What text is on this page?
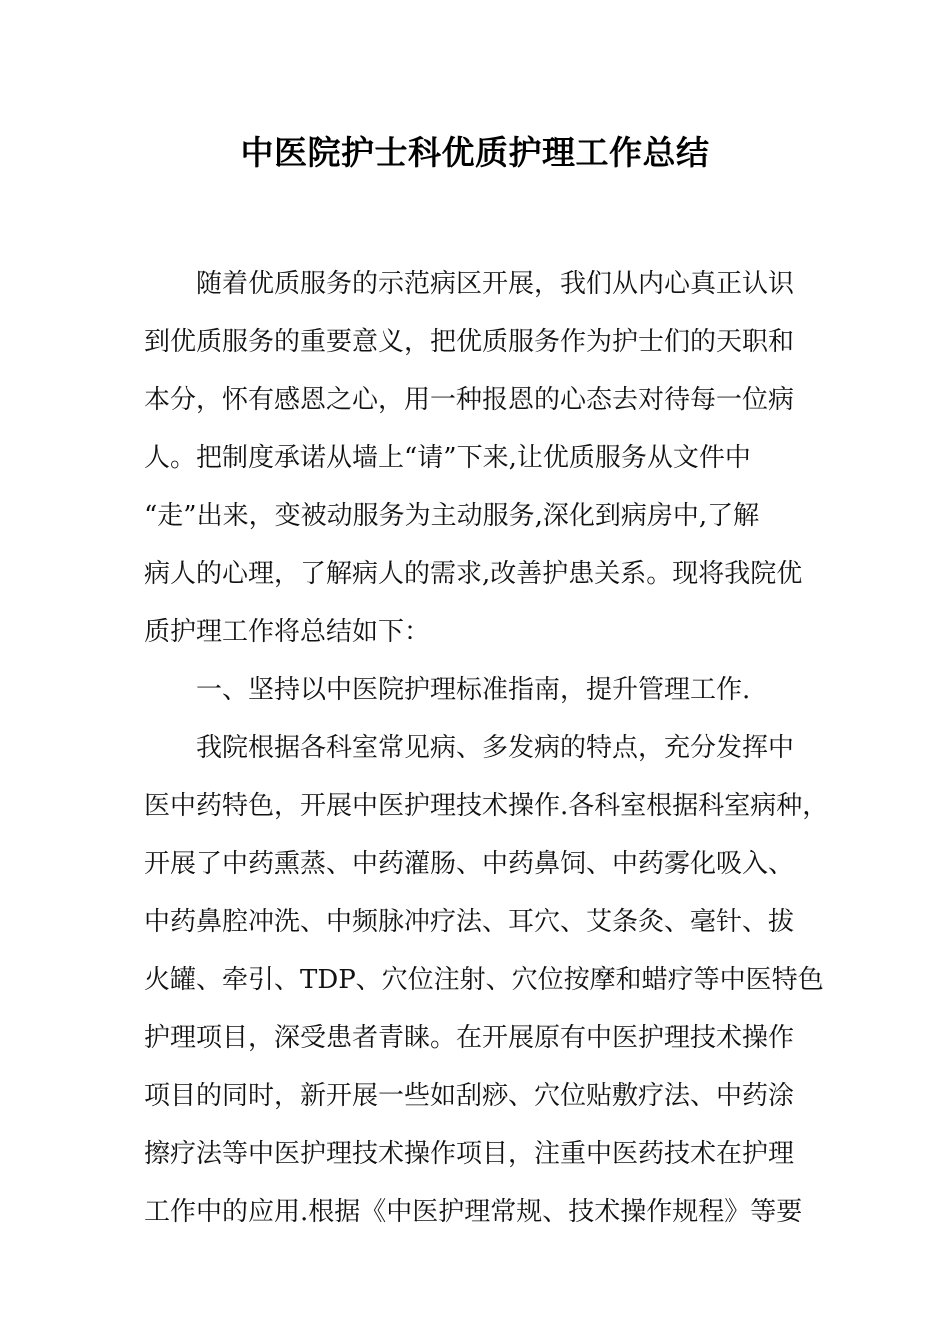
中医院护士科优质护理工作总结
随着优质服务的示范病区开展，我们从内心真正认识
到优质服务的重要意义，把优质服务作为护士们的天职和
本分，怀有感恩之心，用一种报恩的心态去对待每一位病
人。把制度承诺从墙上“请”下来,让优质服务从文件中
“走”出来，变被动服务为主动服务,深化到病房中,了解
病人的心理，了解病人的需求,改善护患关系。现将我院优
质护理工作将总结如下：
一、坚持以中医院护理标准指南，提升管理工作.
我院根据各科室常见病、多发病的特点，充分发挥中
医中药特色，开展中医护理技术操作.各科室根据科室病种，
开展了中药熏蒸、中药灌肠、中药鼻饲、中药雾化吸入、
中药鼻腔冲洗、中频脉冲疗法、耳穴、艾条灸、毫针、拔
火罐、牵引、TDP、穴位注射、穴位按摩和蜡疗等中医特色
护理项目，深受患者青睐。在开展原有中医护理技术操作
项目的同时，新开展一些如刮痧、穴位贴敷疗法、中药涂
擦疗法等中医护理技术操作项目，注重中医药技术在护理
工作中的应用.根据《中医护理常规、技术操作规程》等要
